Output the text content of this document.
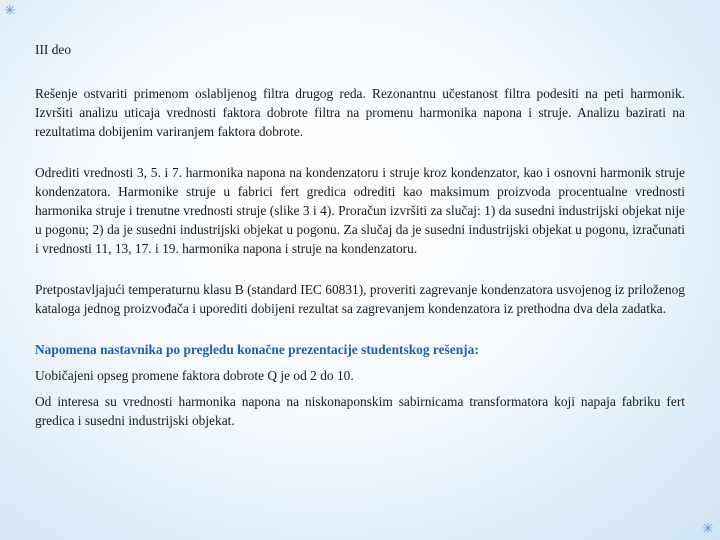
✳
✳

III deo

Rešenje ostvariti primenom oslabljenog filtra drugog reda. Rezonantnu učestanost filtra podesiti na peti harmonik. Izvršiti analizu uticaja vrednosti faktora dobrote filtra na promenu harmonika napona i struje. Analizu bazirati na rezultatima dobijenim variranjem faktora dobrote.

Odrediti vrednosti 3, 5. i 7. harmonika napona na kondenzatoru i struje kroz kondenzator, kao i osnovni harmonik struje kondenzatora. Harmonike struje u fabrici fert gredica odrediti kao maksimum proizvoda procentualne vrednosti harmonika struje i trenutne vrednosti struje (slike 3 i 4). Proračun izvršiti za slučaj: 1) da susedni industrijski objekat nije u pogonu; 2) da je susedni industrijski objekat u pogonu. Za slučaj da je susedni industrijski objekat u pogonu, izračunati i vrednosti 11, 13, 17. i 19. harmonika napona i struje na kondenzatoru.

Pretpostavljajući temperaturnu klasu B (standard IEC 60831), proveriti zagrevanje kondenzatora usvojenog iz priloženog kataloga jednog proizvođača i uporediti dobijeni rezultat sa zagrevanjem kondenzatora iz prethodna dva dela zadatka.

Napomena nastavnika po pregledu konačne prezentacije studentskog rešenja:

Uobičajeni opseg promene faktora dobrote Q je od 2 do 10.

Od interesa su vrednosti harmonika napona na niskonaponskim sabirnicama transformatora koji napaja fabriku fert gredica i susedni industrijski objekat.
